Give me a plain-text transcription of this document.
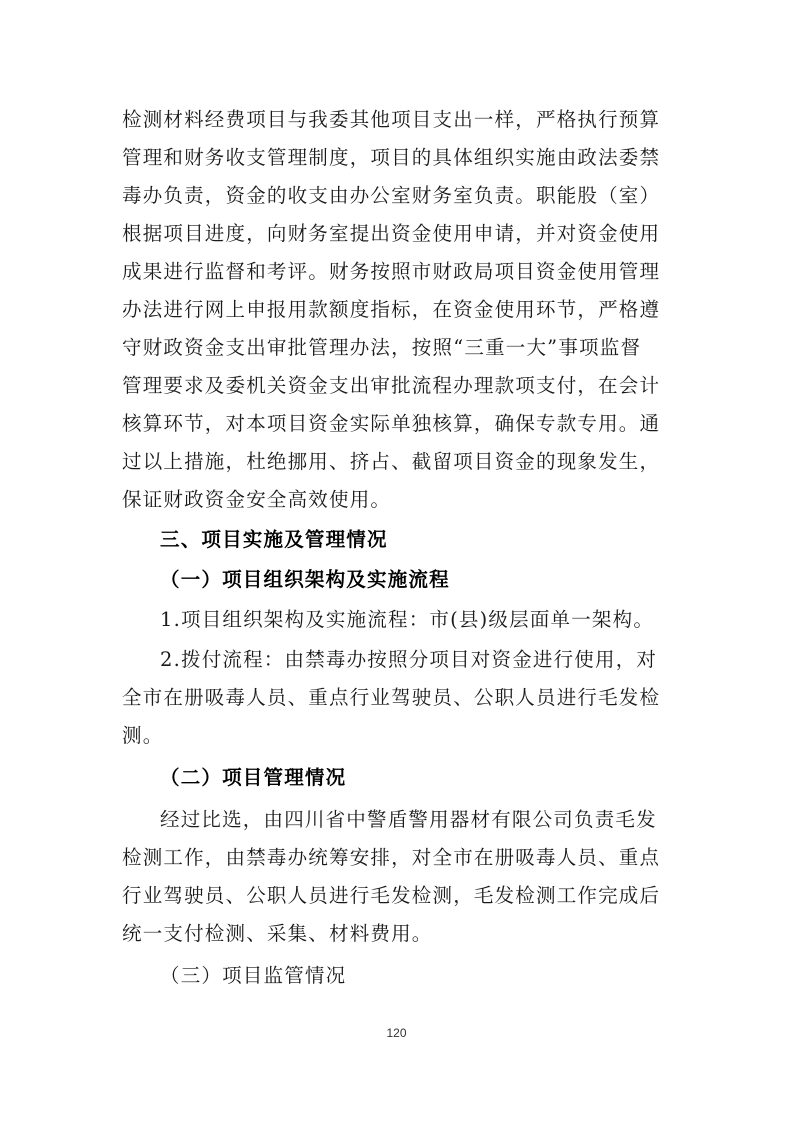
检测材料经费项目与我委其他项目支出一样，严格执行预算
管理和财务收支管理制度，项目的具体组织实施由政法委禁
毒办负责，资金的收支由办公室财务室负责。职能股（室）
根据项目进度，向财务室提出资金使用申请，并对资金使用
成果进行监督和考评。财务按照市财政局项目资金使用管理
办法进行网上申报用款额度指标，在资金使用环节，严格遵
守财政资金支出审批管理办法，按照“三重一大”事项监督
管理要求及委机关资金支出审批流程办理款项支付，在会计
核算环节，对本项目资金实际单独核算，确保专款专用。通
过以上措施，杜绝挪用、挤占、截留项目资金的现象发生，
保证财政资金安全高效使用。
三、项目实施及管理情况
（一）项目组织架构及实施流程
1.项目组织架构及实施流程：市(县)级层面单一架构。
2.拨付流程：由禁毒办按照分项目对资金进行使用，对
全市在册吸毒人员、重点行业驾驶员、公职人员进行毛发检
测。
（二）项目管理情况
经过比选，由四川省中警盾警用器材有限公司负责毛发
检测工作，由禁毒办统筹安排，对全市在册吸毒人员、重点
行业驾驶员、公职人员进行毛发检测，毛发检测工作完成后
统一支付检测、采集、材料费用。
（三）项目监管情况
120
